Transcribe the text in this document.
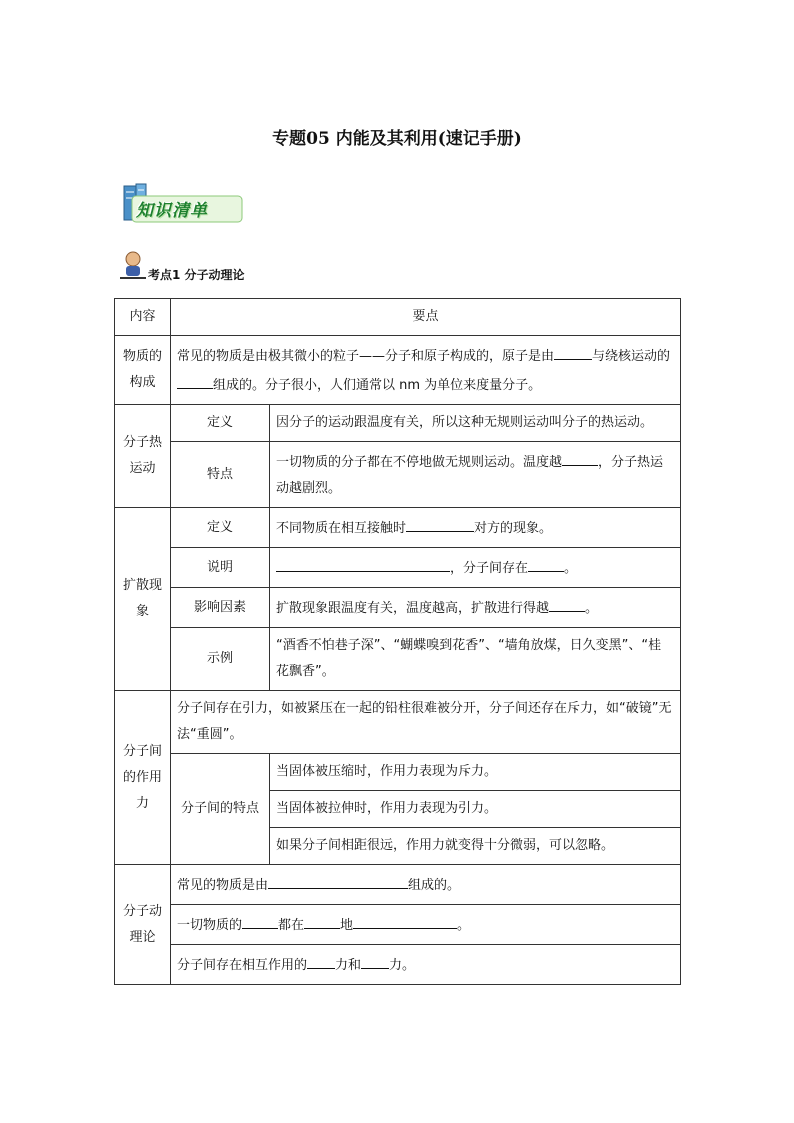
专题05 内能及其利用(速记手册)
知识清单
考点1 分子动理论
内容	要点	
物质的构成	常见的物质是由极其微小的粒子——分子和原子构成的，原子是由 与绕核运动的组成的。分子很小，人们通常以 nm 为单位来度量分子。	
分子热运动	定义	因分子的运动跟温度有关，所以这种无规则运动叫分子的热运动。
	特点	一切物质的分子都在不停地做无规则运动。温度越 ，分子热运动越剧烈。
扩散现象	定义	不同物质在相互接触时 对方的现象。
	说明	，分子间存在 。
	影响因素	扩散现象跟温度有关，温度越高，扩散进行得越 。
	示例	“酒香不怕巷子深”、“蝴蝶嗅到花香”、“墙角放煤，日久变黑”、“桂花飘香”。
分子间的作用力	分子间存在引力，如被紧压在一起的铅柱很难被分开，分子间还存在斥力，如“破镜”无法“重圆”。	
	分子间的特点	当固体被压缩时，作用力表现为斥力。
		当固体被拉伸时，作用力表现为引力。
		如果分子间相距很远，作用力就变得十分微弱，可以忽略。
分子动理论	常见的物质是由 组成的。	
	一切物质的 都在 地 。	
	分子间存在相互作用的 力和 力。	
